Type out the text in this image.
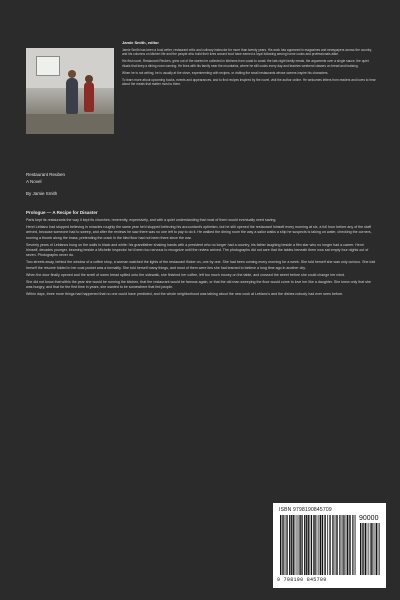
Jamie Smith, editor

Jamie Smith has been a food writer, restaurant critic and culinary instructor for more than twenty years. His work has appeared in magazines and newspapers across the country, and his columns on kitchen life and the people who build their lives around food have earned a loyal following among home cooks and professionals alike.

His first novel, Restaurant Reuben, grew out of the stories he collected in kitchens from coast to coast: the late-night family meals, the arguments over a single sauce, the quiet rituals that keep a dining room running. He lives with his family near the mountains, where he still cooks every day and teaches weekend classes on bread and braising.

When he is not writing, he is usually at the stove, experimenting with recipes, or visiting the small restaurants whose owners inspire his characters.

To learn more about upcoming books, events and appearances, and to find recipes inspired by the novel, visit the author online. He welcomes letters from readers and loves to hear about the meals that matter most to them.

Restaurant Reuben
A Novel
By Jamie Smith
Prologue — A Recipe for Disaster

Paris kept its restaurants the way it kept its churches: reverently, expensively, and with a quiet understanding that most of them would eventually need saving.

Henri Leblanc had stopped believing in miracles roughly the same year he'd stopped believing his accountant's optimism, but he still opened the restaurant himself every morning at six, a full hour before any of the staff arrived, because someone had to sweep, and after the reviews he saw there was no one left to pay to do it. He walked the dining room the way a sailor walks a ship he suspects is taking on water, checking the corners, running a thumb along the brass, pretending the crack in the tiled floor had not been there since the war.

Seventy years of Leblancs hung on the walls in black and white: his grandfather shaking hands with a president who no longer had a country, his father laughing beside a film star who no longer had a career. Henri himself, decades younger, beaming beside a Michelin inspector he'd been too nervous to recognize until the review arrived. The photographs did not care that the tables beneath them now sat empty four nights out of seven. Photographs never do.

Two streets away, behind the window of a coffee shop, a woman watched the lights of the restaurant flicker on, one by one. She had been coming every morning for a week. She told herself she was only curious. She told herself the résumé folded in her coat pocket was a formality. She told herself many things, and most of them were lies she had learned to believe a long time ago in another city.

When the door finally opened and the smell of warm bread spilled onto the sidewalk, she finished her coffee, left too much money on the table, and crossed the street before she could change her mind.

She did not know that within the year she would be running the kitchen, that the restaurant would be famous again, or that the old man sweeping the floor would come to love her like a daughter. She knew only that she was hungry, and that for the first time in years, she wanted to be somewhere that fed people.

Within days, three more things had happened that no one could have predicted, and the whole neighborhood was talking about the new cook at Leblanc's and the dishes nobody had ever seen before.

ISBN 9798190845709
90000
9 798190 845709
